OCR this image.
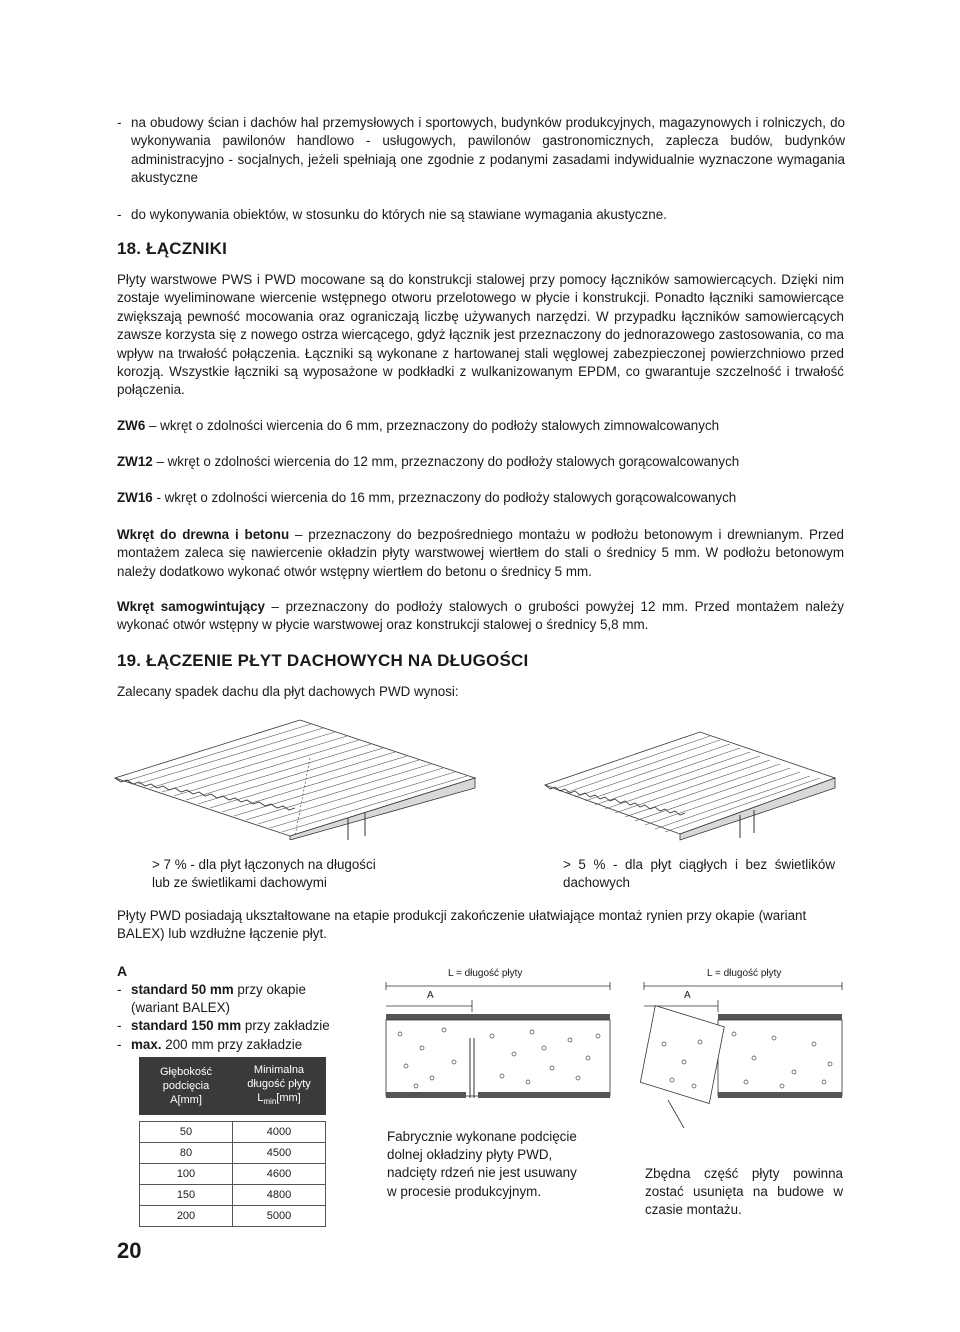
- na obudowy ścian i dachów hal przemysłowych i sportowych, budynków produkcyjnych, magazynowych i rolniczych, do wykonywania pawilonów handlowo - usługowych, pawilonów gastronomicznych, zaplecza budów, budynków administracyjno - socjalnych, jeżeli spełniają one zgodnie z podanymi zasadami indywidualnie wyznaczone wymagania akustyczne
- do wykonywania obiektów, w stosunku do których nie są stawiane wymagania akustyczne.
18. ŁĄCZNIKI
Płyty warstwowe PWS i PWD mocowane są do konstrukcji stalowej przy pomocy łączników samowiercących. Dzięki nim zostaje wyeliminowane wiercenie wstępnego otworu przelotowego w płycie i konstrukcji. Ponadto łączniki samowiercące zwiększają pewność mocowania oraz ograniczają liczbę używanych narzędzi. W przypadku łączników samowiercących zawsze korzysta się z nowego ostrza wiercącego, gdyż łącznik jest przeznaczony do jednorazowego zastosowania, co ma wpływ na trwałość połączenia. Łączniki są wykonane z hartowanej stali węglowej zabezpieczonej powierzchniowo przed korozją. Wszystkie łączniki są wyposażone w podkładki z wulkanizowanym EPDM, co gwarantuje szczelność i trwałość połączenia.
ZW6 – wkręt o zdolności wiercenia do 6 mm, przeznaczony do podłoży stalowych zimnowalcowanych
ZW12 – wkręt o zdolności wiercenia do 12 mm, przeznaczony do podłoży stalowych gorącowalcowanych
ZW16 - wkręt o zdolności wiercenia do 16 mm, przeznaczony do podłoży stalowych gorącowalcowanych
Wkręt do drewna i betonu – przeznaczony do bezpośredniego montażu w podłożu betonowym i drewnianym. Przed montażem zaleca się nawiercenie okładzin płyty warstwowej wiertłem do stali o średnicy 5 mm. W podłożu betonowym należy dodatkowo wykonać otwór wstępny wiertłem do betonu o średnicy 5 mm.
Wkręt samogwintujący – przeznaczony do podłoży stalowych o grubości powyżej 12 mm. Przed montażem należy wykonać otwór wstępny w płycie warstwowej oraz konstrukcji stalowej o średnicy 5,8 mm.
19. ŁĄCZENIE PŁYT DACHOWYCH NA DŁUGOŚCI
Zalecany spadek dachu dla płyt dachowych PWD wynosi:
> 7 % - dla płyt łączonych na długości lub ze świetlikami dachowymi
> 5 % - dla płyt ciągłych i bez świetlików dachowych
Płyty PWD posiadają ukształtowane na etapie produkcji zakończenie ułatwiające montaż rynien przy okapie (wariant BALEX) lub wzdłużne łączenie płyt.
A
- standard 50 mm przy okapie
(wariant BALEX)
- standard 150 mm przy zakładzie
- max. 200 mm przy zakładzie
Głębokość
podcięcia
A[mm]	Minimalna
długość płyty
$L_{min}[mm]$

50	4000
80	4500
100	4600
150	4800
200	5000
L = długość płyty
A
Fabrycznie wykonane podcięcie dolnej okładziny płyty PWD, nadcięty rdzeń nie jest usuwany w procesie produkcyjnym.
L = długość płyty
A
Zbędna część płyty powinna zostać usunięta na budowe w czasie montażu.
20
